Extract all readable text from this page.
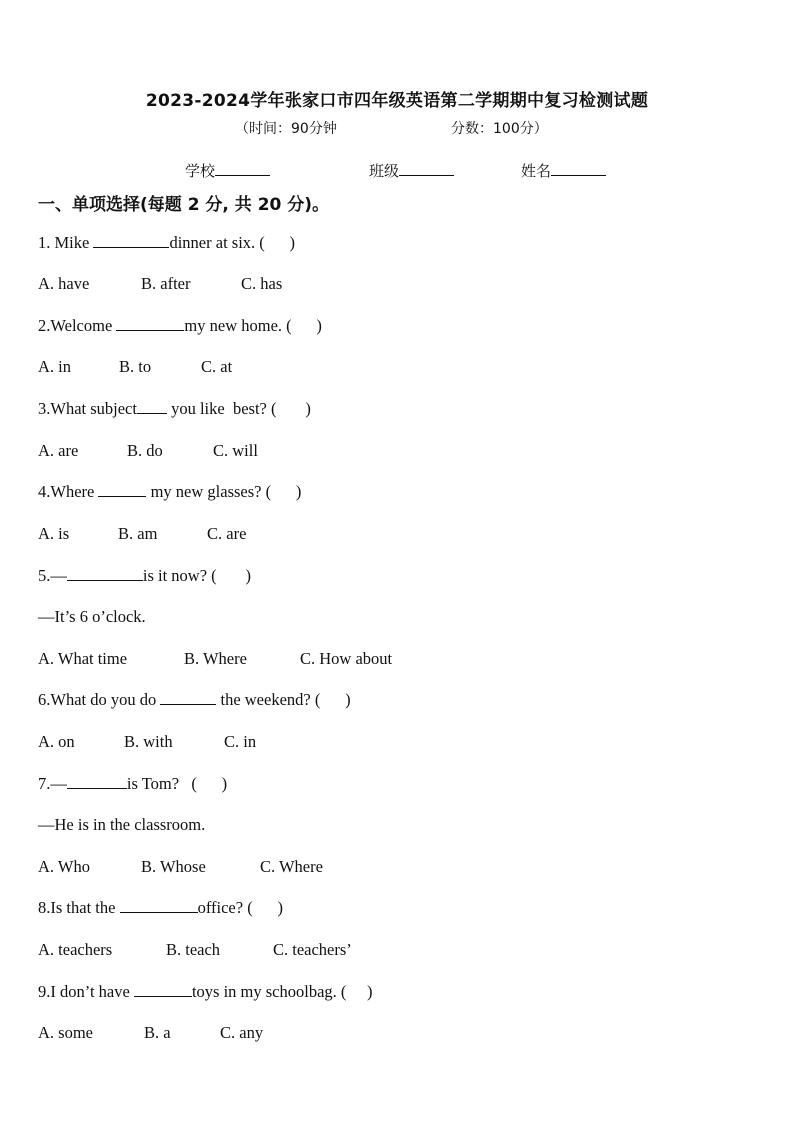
2023-2024学年张家口市四年级英语第二学期期中复习检测试题
（时间：90分钟	分数：100分）
学校	班级	姓名
一、单项选择(每题 2 分, 共 20 分)。
1. Mike	dinner at six. (      )
A. have	B. after	C. has
2.Welcome	my new home. (      )
A. in	B. to	C. at
3.What subject you like  best? (       )
A. are	B. do	C. will
4.Where	my new glasses? (      )
A. is	B. am	C. are
5.—	is it now? (       )
—It’s 6 o’clock.
A. What time	B. Where	C. How about
6.What do you do	the weekend? (      )
A. on	B. with	C. in
7.—	is Tom?   (      )
—He is in the classroom.
A. Who	B. Whose	C. Where
8.Is that the	office? (      )
A. teachers	B. teach	C. teachers’
9.I don’t have	toys in my schoolbag. (     )
A. some	B. a	C. any
